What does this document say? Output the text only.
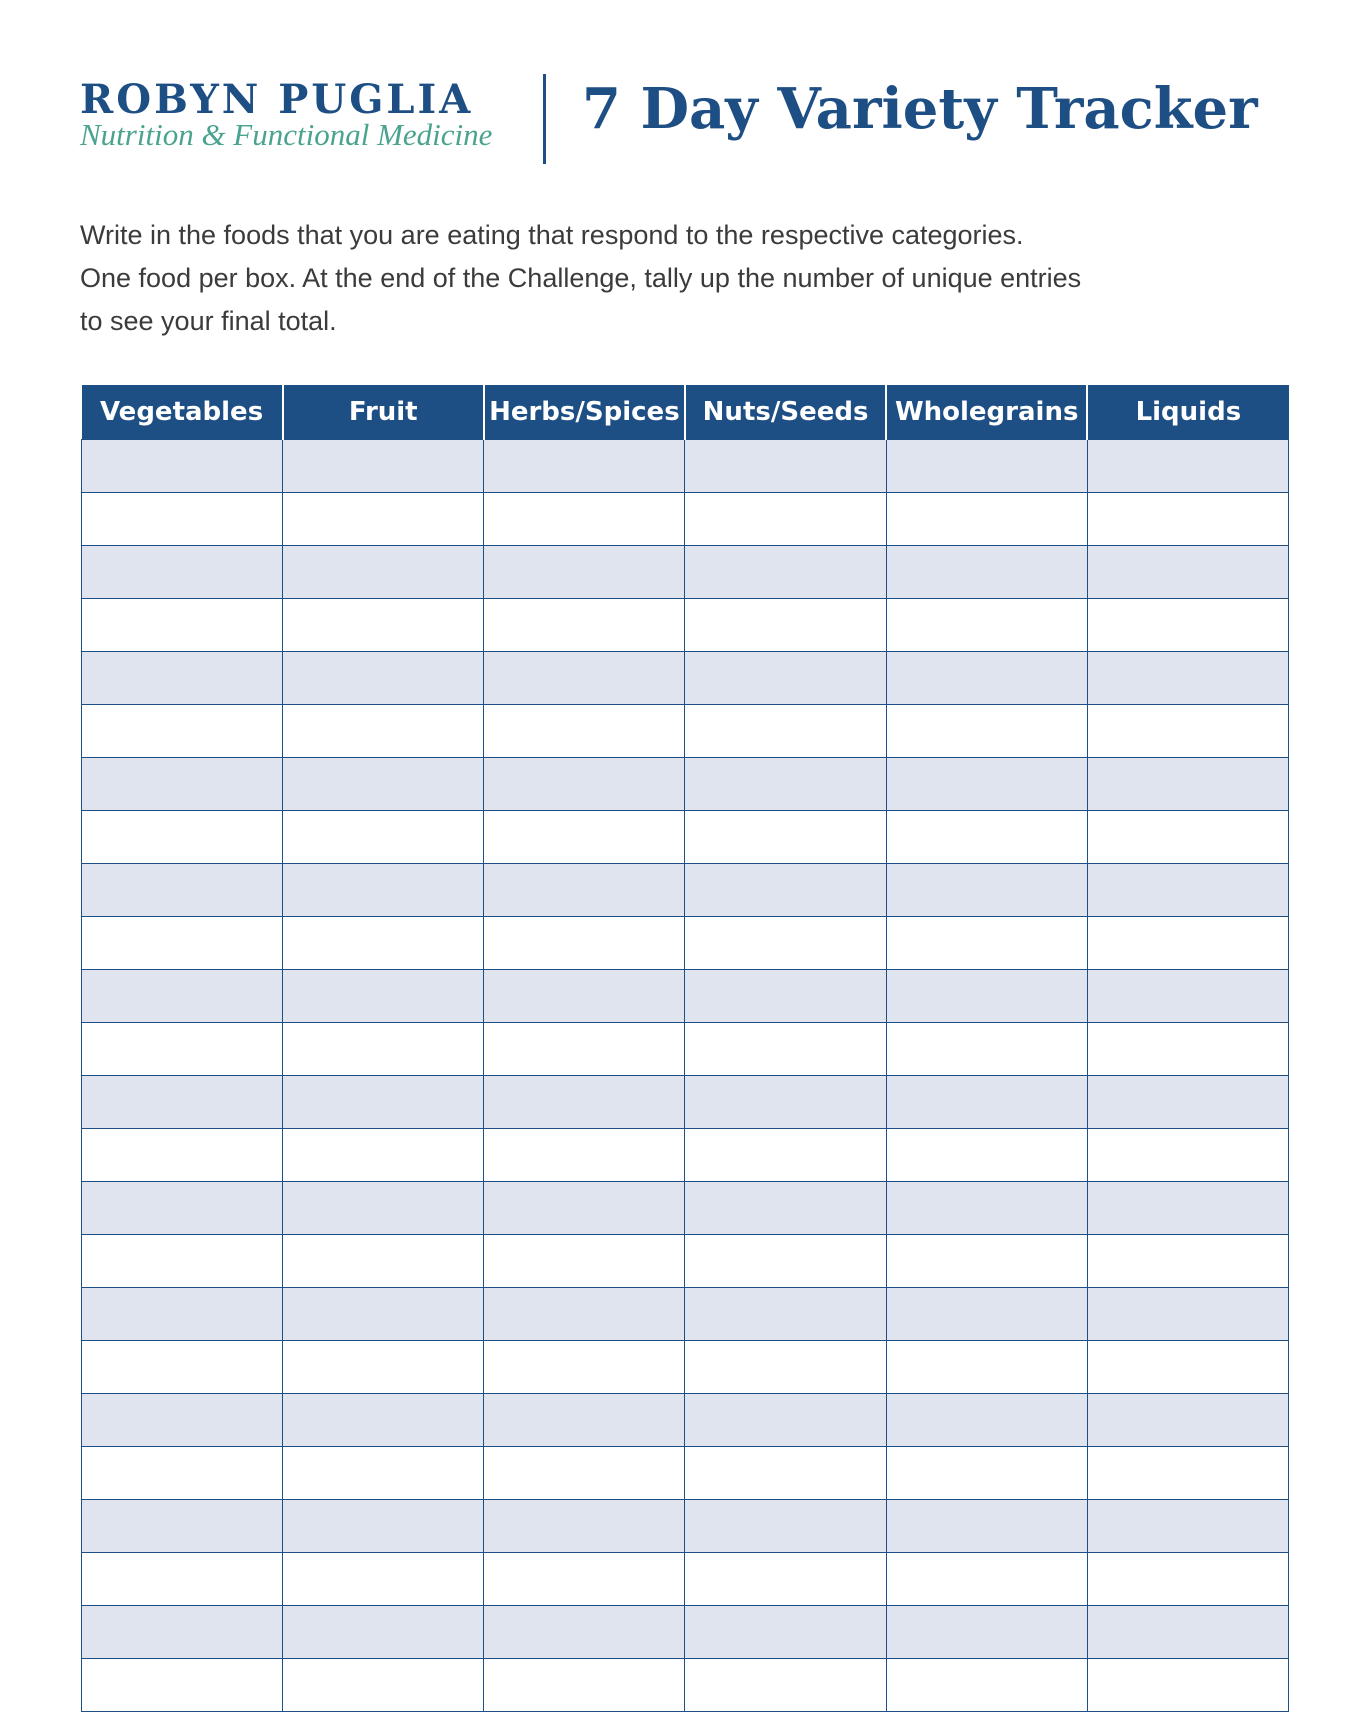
ROBYN PUGLIA
Nutrition & Functional Medicine 7 Day Variety Tracker
Write in the foods that you are eating that respond to the respective categories.
One food per box. At the end of the Challenge, tally up the number of unique entries
to see your final total.
Vegetables	Fruit	Herbs/Spices	Nuts/Seeds	Wholegrains	Liquids
